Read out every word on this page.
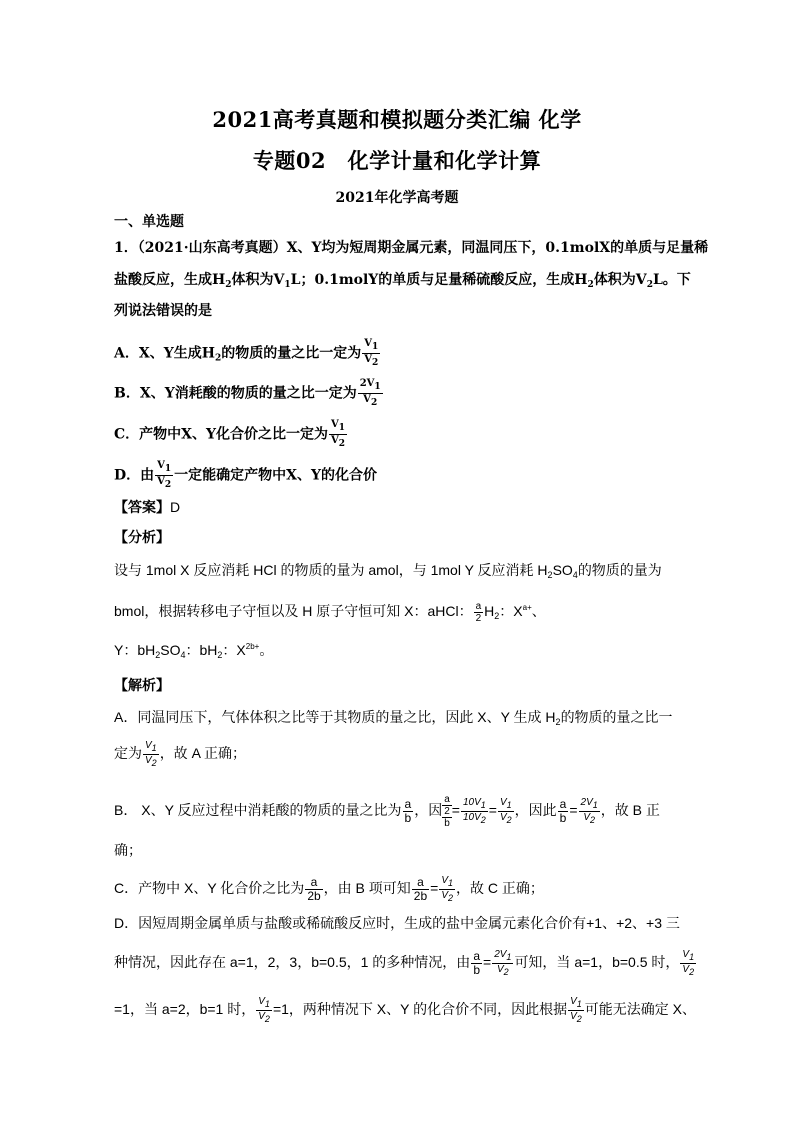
2021高考真题和模拟题分类汇编 化学
专题02　化学计量和化学计算
2021年化学高考题
一、单选题
1．（2021·山东高考真题）X、Y均为短周期金属元素，同温同压下，0.1molX的单质与足量稀
盐酸反应，生成$H_2$体积为$V_1L$；0.1molY的单质与足量稀硫酸反应，生成$H_2$体积为$V_2L$。下
列说法错误的是
A．X、Y生成$H_2$的物质的量之比一定为 $\frac{V_1}{V_2}$
B．X、Y消耗酸的物质的量之比一定为 $\frac{2V_1}{V_2}$
C．产物中X、Y化合价之比一定为 $\frac{V_1}{V_2}$
D．由 $\frac{V_1}{V_2}$ 一定能确定产物中X、Y的化合价
【答案】D
【分析】
设与 1mol X 反应消耗 HCl 的物质的量为 amol，与 1mol Y 反应消耗 $H_2SO_4$的物质的量为
bmol，根据转移电子守恒以及 H 原子守恒可知 X：aHCl： $\frac{a}{2} H_2$：$X^{a+}$、
Y：$bH_2SO_4$：$bH_2$：$X^{2b+}$。
【解析】
A．同温同压下，气体体积之比等于其物质的量之比，因此 X、Y 生成 $H_2$的物质的量之比一
定为 $\frac{V_1}{V_2}$ ，故 A 正确；
B． X、Y 反应过程中消耗酸的物质的量之比为 $\frac{a}{b}$ ，因 $\frac{\frac{a}{2}}{b} = \frac{10V_1}{10V_2} = \frac{V_1}{V_2}$ ，因此 $\frac{a}{b} = \frac{2V_1}{V_2}$ ，故 B 正
确；
C．产物中 X、Y 化合价之比为 $\frac{a}{2b}$ ，由 B 项可知 $\frac{a}{2b} = \frac{V_1}{V_2}$ ，故 C 正确；
D．因短周期金属单质与盐酸或稀硫酸反应时，生成的盐中金属元素化合价有+1、+2、+3 三
种情况，因此存在 a=1，2，3，b=0.5，1 的多种情况，由 $\frac{a}{b} = \frac{2V_1}{V_2}$ 可知，当 a=1，b=0.5 时， $\frac{V_1}{V_2}$
=1，当 a=2，b=1 时， $\frac{V_1}{V_2} =1$，两种情况下 X、Y 的化合价不同，因此根据 $\frac{V_1}{V_2}$ 可能无法确定 X、
